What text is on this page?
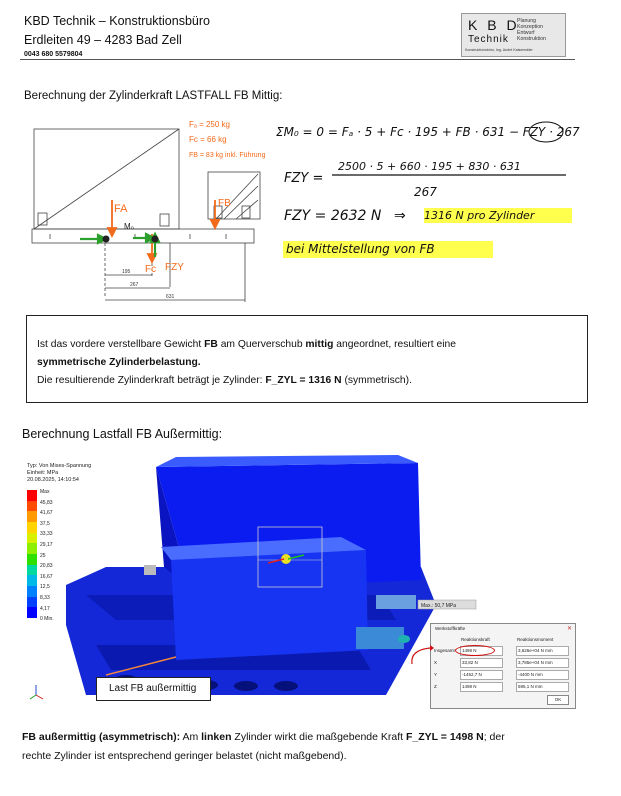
KBD Technik – Konstruktionsbüro
Erdleiten 49 – 4283 Bad Zell
0043 680 5579804
K B D
Technik
Planung
Konzeption
Entwurf
Konstruktion
Konstruktionsbüro, Ing. Andrè Kaiseredder
Berechnung der Zylinderkraft LASTFALL FB Mittig:
Fₐ = 250 kg
Fc = 66 kg
FB = 83 kg inkl. Führung
FA
Fc
FB
FZY
M₀
195
267
631
ΣM₀ = 0 = Fₐ · 5 + Fc · 195 + FB · 631 − FZY · 267
FZY =
2500 · 5 + 660 · 195 + 830 · 631
267
FZY = 2632 N ⇒ 1316 N pro Zylinder
bei Mittelstellung von FB

Ist das vordere verstellbare Gewicht FB am Querverschub mittig angeordnet, resultiert eine

symmetrische Zylinderbelastung.

Die resultierende Zylinderkraft beträgt je Zylinder: F_ZYL = 1316 N (symmetrisch).

Berechnung Lastfall FB Außermittig:
Typ: Von Mises-Spannung
Einheit: MPa
20.08.2025, 14:10:54
Max
45,83
41,67
37,5
33,33
29,17
25
20,83
16,67
12,5
8,33
4,17
0 Min.
Max.: 50,7 MPa
Last FB außermittig
Werkstoffkräfte	✕
Reaktionskraft	Reaktionsmoment
Insgesamt	1498 N	3,626e+04 N mm
X	33,82 N	3,785e+04 N mm
Y	-1452,7 N	-4400 N mm
Z	1498 N	595,1 N mm
OK
FB außermittig (asymmetrisch): Am linken Zylinder wirkt die maßgebende Kraft F_ZYL = 1498 N; der
rechte Zylinder ist entsprechend geringer belastet (nicht maßgebend).
